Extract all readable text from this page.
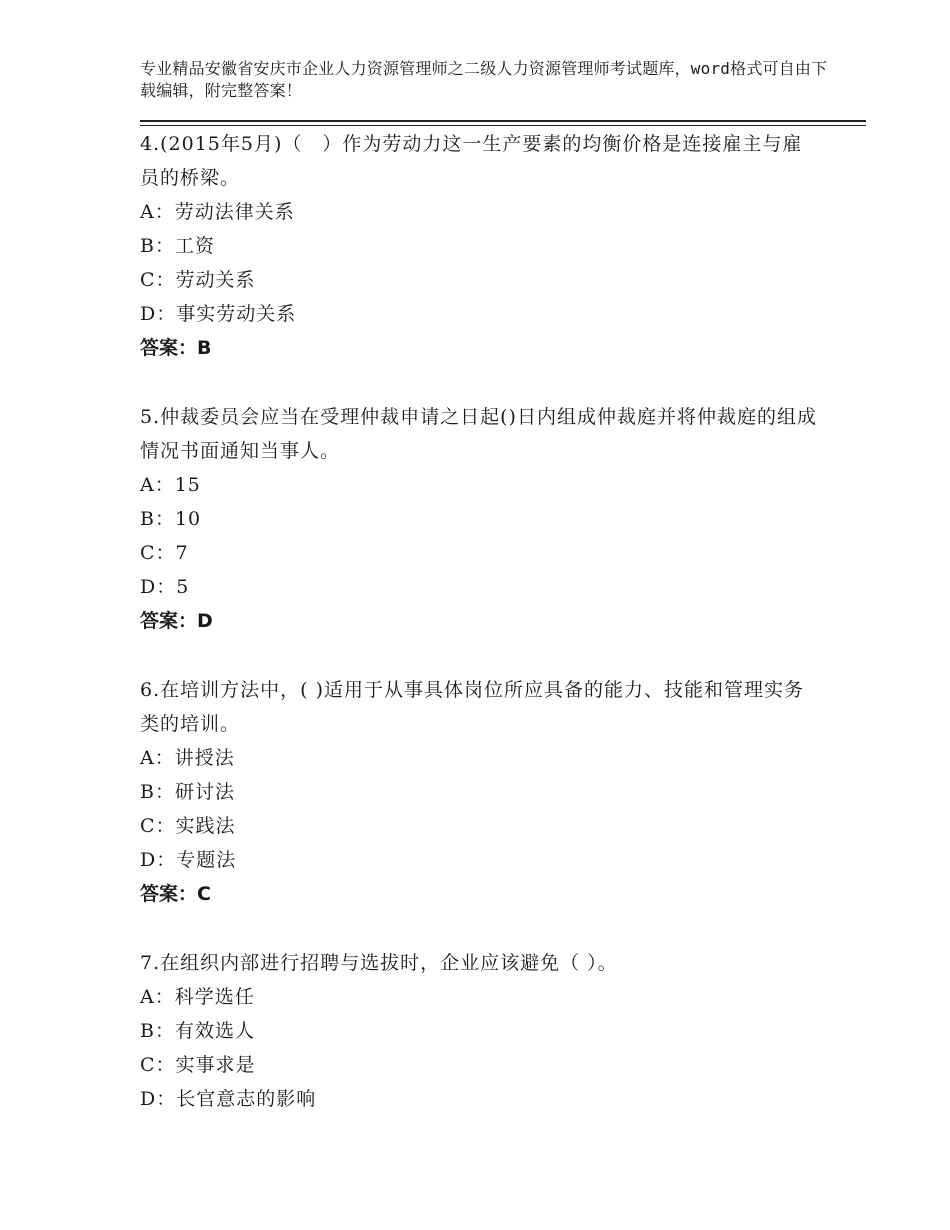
专业精品安徽省安庆市企业人力资源管理师之二级人力资源管理师考试题库，word格式可自由下载编辑，附完整答案！

4.(2015年5月)（　）作为劳动力这一生产要素的均衡价格是连接雇主与雇员的桥梁。

A：劳动法律关系
B：工资
C：劳动关系
D：事实劳动关系
答案：B

5.仲裁委员会应当在受理仲裁申请之日起()日内组成仲裁庭并将仲裁庭的组成情况书面通知当事人。

A：15
B：10
C：7
D：5
答案：D

6.在培训方法中，( )适用于从事具体岗位所应具备的能力、技能和管理实务类的培训。

A：讲授法
B：研讨法
C：实践法
D：专题法
答案：C

7.在组织内部进行招聘与选拔时，企业应该避免（ ）。

A：科学选任
B：有效选人
C：实事求是
D：长官意志的影响
